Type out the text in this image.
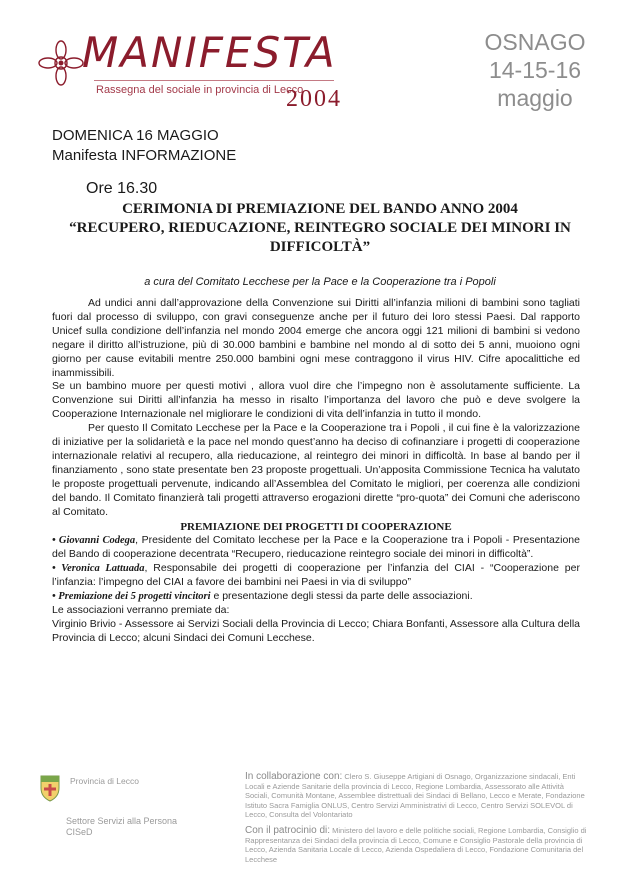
MANIFESTA
Rassegna del sociale in provincia di Lecco
2004
OSNAGO
14-15-16
maggio
DOMENICA 16 MAGGIO
Manifesta INFORMAZIONE
Ore 16.30
CERIMONIA DI PREMIAZIONE DEL BANDO ANNO 2004
“RECUPERO, RIEDUCAZIONE, REINTEGRO SOCIALE DEI MINORI IN DIFFICOLTÀ”
a cura del Comitato Lecchese per la Pace e la Cooperazione tra i Popoli

Ad undici anni dall’approvazione della Convenzione sui Diritti all’infanzia milioni di bambini sono tagliati fuori dal processo di sviluppo, con gravi conseguenze anche per il futuro dei loro stessi Paesi. Dal rapporto Unicef sulla condizione dell’infanzia nel mondo 2004 emerge che ancora oggi 121 milioni di bambini si vedono negare il diritto all’istruzione, più di 30.000 bambini e bambine nel mondo al di sotto dei 5 anni, muoiono ogni giorno per cause evitabili mentre 250.000 bambini ogni mese contraggono il virus HIV. Cifre apocalittiche ed inammissibili.

Se un bambino muore per questi motivi , allora vuol dire che l’impegno non è assolutamente sufficiente. La Convenzione sui Diritti all’infanzia ha messo in risalto l’importanza del lavoro che può e deve svolgere la Cooperazione Internazionale nel migliorare le condizioni di vita dell’infanzia in tutto il mondo.

Per questo Il Comitato Lecchese per la Pace e la Cooperazione tra i Popoli , il cui fine è la valorizzazione di iniziative per la solidarietà e la pace nel mondo quest’anno ha deciso di cofinanziare i progetti di cooperazione internazionale relativi al recupero, alla rieducazione, al reintegro dei minori in difficoltà. In base al bando per il finanziamento , sono state presentate ben 23 proposte progettuali. Un’apposita Commissione Tecnica ha valutato le proposte progettuali pervenute, indicando all’Assemblea del Comitato le migliori, per coerenza alle condizioni del bando. Il Comitato finanzierà tali progetti attraverso erogazioni dirette “pro-quota” dei Comuni che aderiscono al Comitato.

PREMIAZIONE DEI PROGETTI DI COOPERAZIONE

• Giovanni Codega, Presidente del Comitato lecchese per la Pace e la Cooperazione tra i Popoli - Presentazione del Bando di cooperazione decentrata “Recupero, rieducazione reintegro sociale dei minori in difficoltà”.

• Veronica Lattuada, Responsabile dei progetti di cooperazione per l’infanzia del CIAI - “Cooperazione per l’infanzia: l’impegno del CIAI a favore dei bambini nei Paesi in via di sviluppo”

• Premiazione dei 5 progetti vincitori e presentazione degli stessi da parte delle associazioni.

Le associazioni verranno premiate da:

Virginio Brivio - Assessore ai Servizi Sociali della Provincia di Lecco; Chiara Bonfanti, Assessore alla Cultura della Provincia di Lecco; alcuni Sindaci dei Comuni Lecchese.

Provincia di Lecco
Settore Servizi alla Persona
CISeD

In collaborazione con: Clero S. Giuseppe Artigiani di Osnago, Organizzazione sindacali, Enti Locali e Aziende Sanitarie della provincia di Lecco, Regione Lombardia, Assessorato alle Attività Sociali, Comunità Montane, Assemblee distrettuali dei Sindaci di Bellano, Lecco e Merate, Fondazione Istituto Sacra Famiglia ONLUS, Centro Servizi Amministrativi di Lecco, Centro Servizi SOLEVOL di Lecco, Consulta del Volontariato

Con il patrocinio di: Ministero del lavoro e delle politiche sociali, Regione Lombardia, Consiglio di Rappresentanza dei Sindaci della provincia di Lecco, Comune e Consiglio Pastorale della provincia di Lecco, Azienda Sanitaria Locale di Lecco, Azienda Ospedaliera di Lecco, Fondazione Comunitaria del Lecchese
